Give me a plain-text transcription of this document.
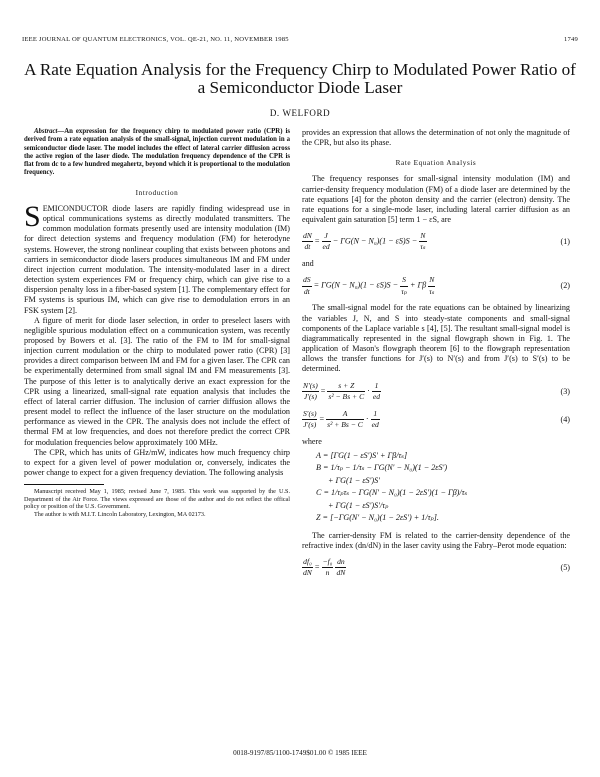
IEEE JOURNAL OF QUANTUM ELECTRONICS, VOL. QE-21, NO. 11, NOVEMBER 1985	1749
A Rate Equation Analysis for the Frequency Chirp to Modulated Power Ratio of a Semiconductor Diode Laser
D. WELFORD

Abstract—An expression for the frequency chirp to modulated power ratio (CPR) is derived from a rate equation analysis of the small-signal, injection current modulation in a semiconductor diode laser. The model includes the effect of lateral carrier diffusion across the active region of the laser diode. The modulation frequency dependence of the CPR is flat from dc to a few hundred megahertz, beyond which it is proportional to the modulation frequency.

Introduction

SEMICONDUCTOR diode lasers are rapidly finding widespread use in optical communications systems as directly modulated transmitters. The common modulation formats presently used are intensity modulation (IM) for direct detection systems and frequency modulation (FM) for heterodyne systems. However, the strong nonlinear coupling that exists between photons and carriers in semiconductor diode lasers produces simultaneous IM and FM under direct injection current modulation. The intensity-modulated laser in a direct detection system experiences FM or frequency chirp, which can give rise to a dispersion penalty loss in a fiber-based system [1]. The complementary effect for FM systems is spurious IM, which can give rise to demodulation errors in an FSK system [2].

A figure of merit for diode laser selection, in order to preselect lasers with negligible spurious modulation effect on a communication system, was recently proposed by Bowers et al. [3]. The ratio of the FM to IM for small-signal injection current modulation or the chirp to modulated power ratio (CPR) [3] provides a direct comparison between IM and FM for a given laser. The CPR can be experimentally determined from small signal IM and FM measurements [3]. The purpose of this letter is to analytically derive an exact expression for the CPR using a linearized, small-signal rate equation analysis that includes the effect of lateral carrier diffusion. The inclusion of carrier diffusion allows the present model to reflect the influence of the laser structure on the modulation performance as viewed in the CPR. The analysis does not include the effect of thermal FM at low frequencies, and does not therefore predict the correct CPR for modulation frequencies below approximately 100 MHz.

The CPR, which has units of GHz/mW, indicates how much frequency chirp to expect for a given level of power modulation or, conversely, indicates the power change to expect for a given frequency deviation. The following analysis

Manuscript received May 1, 1985; revised June 7, 1985. This work was supported by the U.S. Department of the Air Force. The views expressed are those of the author and do not reflect the offical policy or position of the U.S. Government.

The author is with M.I.T. Lincoln Laboratory, Lexington, MA 02173.

provides an expression that allows the determination of not only the magnitude of the CPR, but also its phase.

Rate Equation Analysis

The frequency responses for small-signal intensity modulation (IM) and carrier-density frequency modulation (FM) of a diode laser are determined by the rate equations [4] for the photon density and the carrier (electron) density. The rate equations for a single-mode laser, including lateral carrier diffusion as an equivalent gain saturation [5] term 1 − εS, are

$\frac{dN}{dt} = \frac{J}{ed} - \Gamma G(N - N_0)(1 - \varepsilon S)S - \frac{N}{\text{τₛ}}$	(1)

and

$\frac{dS}{dt} = \Gamma G(N - N_0)(1 - \varepsilon S)S - \frac{S}{\text{τₚ}} + \Gamma\beta \frac{N}{\text{τₛ}}$	(2)

The small-signal model for the rate equations can be obtained by linearizing the variables J, N, and S into steady-state components and small-signal components of the Laplace variable s [4], [5]. The resultant small-signal model is diagrammatically represented in the signal flowgraph shown in Fig. 1. The application of Mason's flowgraph theorem [6] to the flowgraph representation allows the transfer functions for J′(s) to N′(s) and from J′(s) to S′(s) to be determined.

$\frac{N'(s)}{J'(s)} = \frac{s + Z}{\text{s² − Bs + C}} \cdot \frac{1}{ed}$	(3)
$\frac{S'(s)}{J'(s)} = \frac{A}{\text{s² + Bs − C}} \cdot \frac{1}{ed}$	(4)

where

A = [ΓG(1 − εS′)S′ + Γβ/τₛ]
B = 1/τₚ − 1/τₛ − ΓG(N′ − N₀)(1 − 2εS′)
+ ΓG(1 − εS′)S′
C = 1/τₚτₛ − ΓG(N′ − N₀)(1 − 2εS′)(1 − Γβ)/τₛ
+ ΓG(1 − εS′)S′/τₚ
Z = [−ΓG(N′ − N₀)(1 − 2εS′) + 1/τₚ].

The carrier-density FM is related to the carrier-density dependence of the refractive index (dn/dN) in the laser cavity using the Fabry–Perot mode equation:

$\frac{\text{df₀}}{dN} = \frac{\text{−f₀}}{n}$
$\frac{dn}{dN}$	(5)
0018-9197/85/1100-1749$01.00 © 1985 IEEE
